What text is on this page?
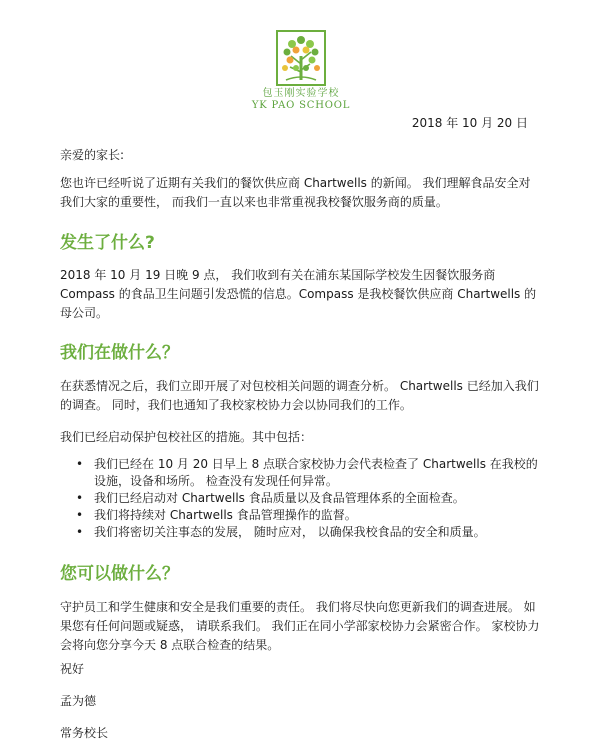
包玉刚实验学校
YK PAO SCHOOL
2018 年 10 月 20 日

亲爱的家长:

您也许已经听说了近期有关我们的餐饮供应商 Chartwells 的新闻。 我们理解食品安全对我们大家的重要性， 而我们一直以来也非常重视我校餐饮服务商的质量。

发生了什么?

2018 年 10 月 19 日晚 9 点， 我们收到有关在浦东某国际学校发生因餐饮服务商 Compass 的食品卫生问题引发恐慌的信息。Compass 是我校餐饮供应商 Chartwells 的母公司。

我们在做什么？

在获悉情况之后，我们立即开展了对包校相关问题的调查分析。 Chartwells 已经加入我们的调查。 同时，我们也通知了我校家校协力会以协同我们的工作。

我们已经启动保护包校社区的措施。其中包括：

• 我们已经在 10 月 20 日早上 8 点联合家校协力会代表检查了 Chartwells 在我校的设施，设备和场所。 检查没有发现任何异常。
• 我们已经启动对 Chartwells 食品质量以及食品管理体系的全面检查。
• 我们将持续对 Chartwells 食品管理操作的监督。
• 我们将密切关注事态的发展， 随时应对， 以确保我校食品的安全和质量。
您可以做什么？

守护员工和学生健康和安全是我们重要的责任。 我们将尽快向您更新我们的调查进展。 如果您有任何问题或疑惑， 请联系我们。 我们正在同小学部家校协力会紧密合作。 家校协力会将向您分享今天 8 点联合检查的结果。

祝好

孟为德

常务校长
